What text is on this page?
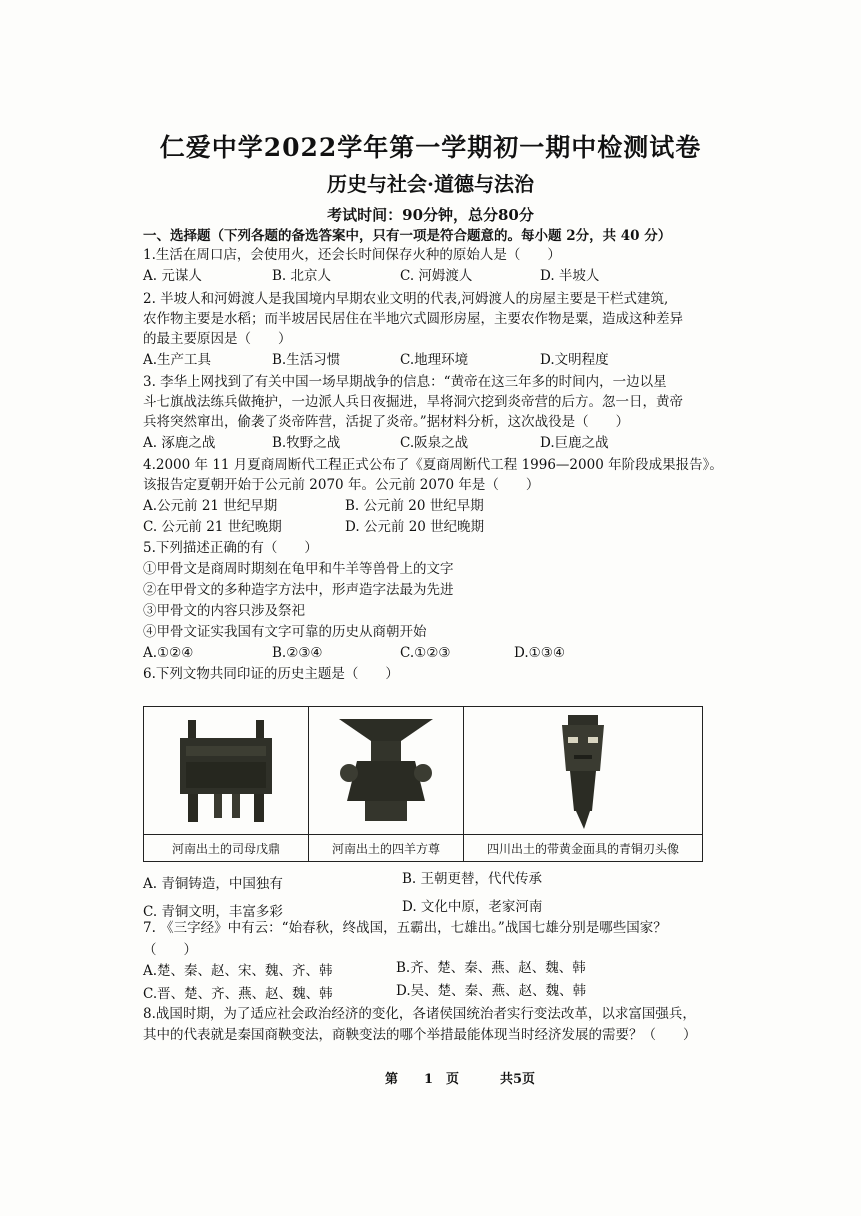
仁爱中学2022学年第一学期初一期中检测试卷
历史与社会·道德与法治
考试时间：90分钟，总分80分
一、选择题（下列各题的备选答案中，只有一项是符合题意的。每小题 2分，共 40 分）
1.生活在周口店，会使用火，还会长时间保存火种的原始人是（　　）
A. 元谋人	B. 北京人	C. 河姆渡人	D. 半坡人
2. 半坡人和河姆渡人是我国境内早期农业文明的代表,河姆渡人的房屋主要是干栏式建筑,
农作物主要是水稻；而半坡居民居住在半地穴式圆形房屋，主要农作物是粟，造成这种差异
的最主要原因是（　　）
A.生产工具	B.生活习惯	C.地理环境	D.文明程度
3. 李华上网找到了有关中国一场早期战争的信息：“黄帝在这三年多的时间内，一边以星
斗七旗战法练兵做掩护，一边派人兵日夜掘进，旱将洞穴挖到炎帝营的后方。忽一日，黄帝
兵将突然窜出，偷袭了炎帝阵营，活捉了炎帝。”据材料分析，这次战役是（　　）
A. 涿鹿之战	B.牧野之战	C.阪泉之战	D.巨鹿之战
4.2000 年 11 月夏商周断代工程正式公布了《夏商周断代工程 1996—2000 年阶段成果报告》。
该报告定夏朝开始于公元前 2070 年。公元前 2070 年是（　　）
A.公元前 21 世纪早期	B. 公元前 20 世纪早期
C. 公元前 21 世纪晚期	D. 公元前 20 世纪晚期
5.下列描述正确的有（　　）
①甲骨文是商周时期刻在龟甲和牛羊等兽骨上的文字
②在甲骨文的多种造字方法中，形声造字法最为先进
③甲骨文的内容只涉及祭祀
④甲骨文证实我国有文字可靠的历史从商朝开始
A.①②④	B.②③④	C.①②③	D.①③④
6.下列文物共同印证的历史主题是（　　）
河南出土的司母戊鼎	河南出土的四羊方尊	四川出土的带黄金面具的青铜刃头像
A. 青铜铸造，中国独有	B. 王朝更替，代代传承
C. 青铜文明，丰富多彩	D. 文化中原，老家河南
7. 《三字经》中有云：“始春秋，终战国，五霸出，七雄出。”战国七雄分别是哪些国家？
（　　）
A.楚、秦、赵、宋、魏、齐、韩	B.齐、楚、秦、燕、赵、魏、韩
C.晋、楚、齐、燕、赵、魏、韩	D.吴、楚、秦、燕、赵、魏、韩
8.战国时期，为了适应社会政治经济的变化，各诸侯国统治者实行变法改革，以求富国强兵，
其中的代表就是秦国商鞅变法，商鞅变法的哪个举措最能体现当时经济发展的需要？（　　）
第　　1　页	共5页
